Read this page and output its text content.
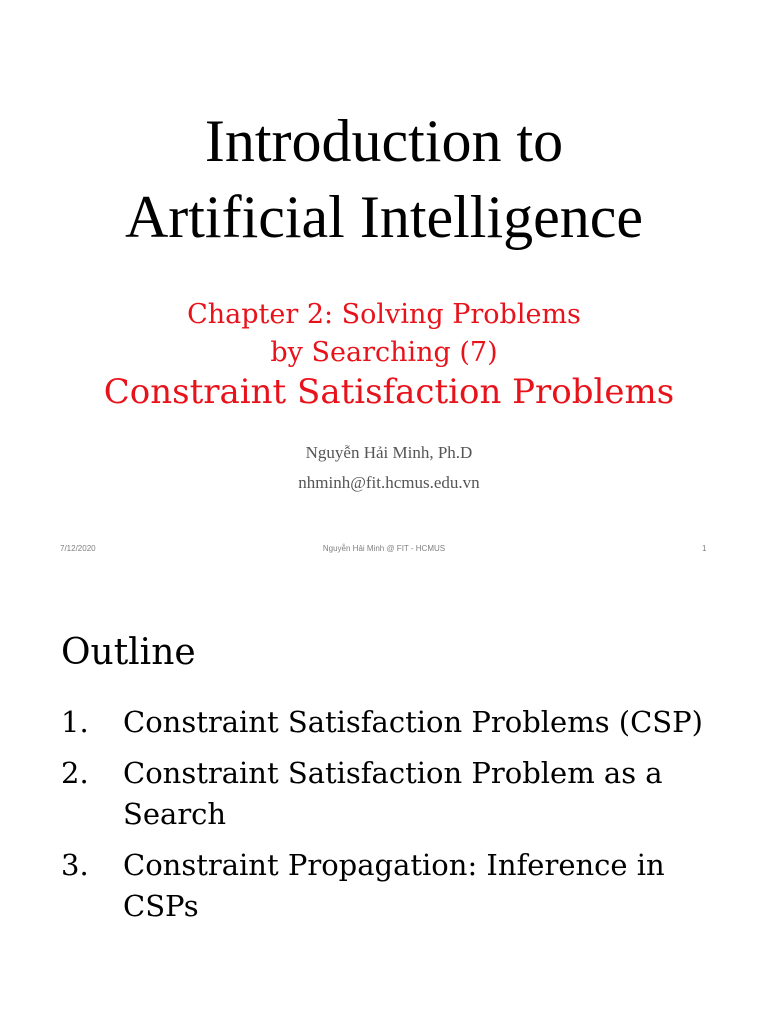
Introduction to
Artificial Intelligence
Chapter 2: Solving Problems
by Searching (7)
Constraint Satisfaction Problems
Nguyễn Hải Minh, Ph.D
nhminh@fit.hcmus.edu.vn
7/12/2020	Nguyễn Hải Minh @ FIT - HCMUS	1
Outline
1.	Constraint Satisfaction Problems (CSP)
2.	Constraint Satisfaction Problem as a Search
3.	Constraint Propagation: Inference in CSPs
